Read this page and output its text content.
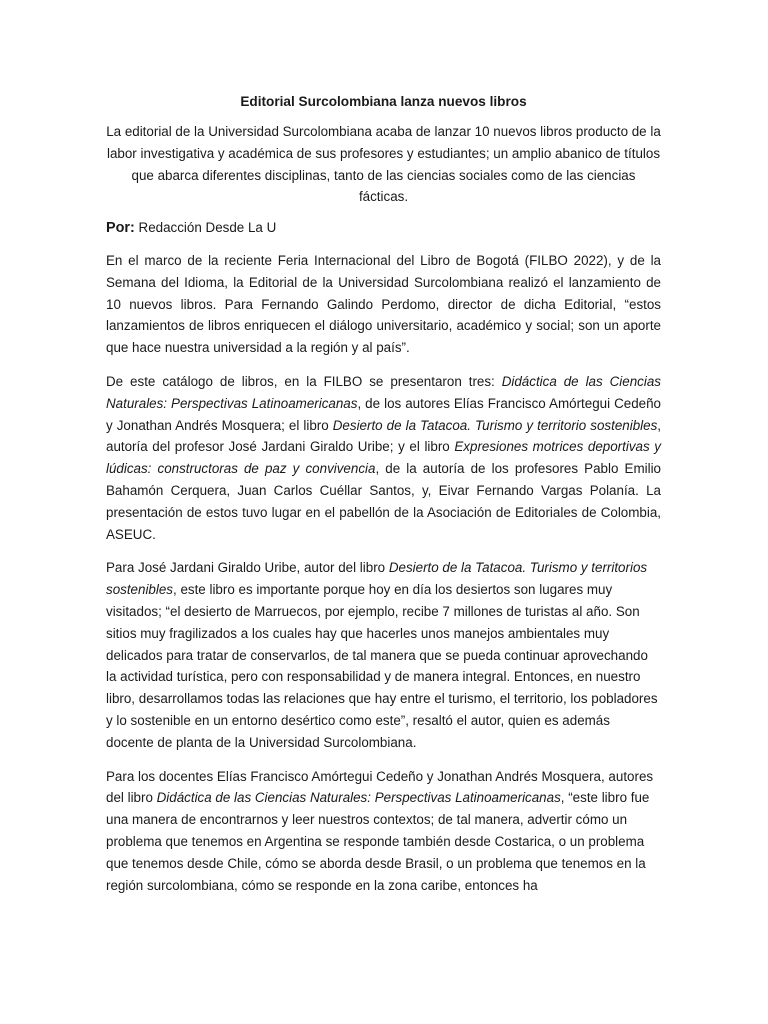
Editorial Surcolombiana lanza nuevos libros

La editorial de la Universidad Surcolombiana acaba de lanzar 10 nuevos libros producto de la labor investigativa y académica de sus profesores y estudiantes; un amplio abanico de títulos que abarca diferentes disciplinas, tanto de las ciencias sociales como de las ciencias fácticas.

Por: Redacción Desde La U

En el marco de la reciente Feria Internacional del Libro de Bogotá (FILBO 2022), y de la Semana del Idioma, la Editorial de la Universidad Surcolombiana realizó el lanzamiento de 10 nuevos libros. Para Fernando Galindo Perdomo, director de dicha Editorial, “estos lanzamientos de libros enriquecen el diálogo universitario, académico y social; son un aporte que hace nuestra universidad a la región y al país”.

De este catálogo de libros, en la FILBO se presentaron tres: Didáctica de las Ciencias Naturales: Perspectivas Latinoamericanas, de los autores Elías Francisco Amórtegui Cedeño y Jonathan Andrés Mosquera; el libro Desierto de la Tatacoa. Turismo y territorio sostenibles, autoría del profesor José Jardani Giraldo Uribe; y el libro Expresiones motrices deportivas y lúdicas: constructoras de paz y convivencia, de la autoría de los profesores Pablo Emilio Bahamón Cerquera, Juan Carlos Cuéllar Santos, y, Eivar Fernando Vargas Polanía. La presentación de estos tuvo lugar en el pabellón de la Asociación de Editoriales de Colombia, ASEUC.

Para José Jardani Giraldo Uribe, autor del libro Desierto de la Tatacoa. Turismo y territorios sostenibles, este libro es importante porque hoy en día los desiertos son lugares muy visitados; “el desierto de Marruecos, por ejemplo, recibe 7 millones de turistas al año. Son sitios muy fragilizados a los cuales hay que hacerles unos manejos ambientales muy delicados para tratar de conservarlos, de tal manera que se pueda continuar aprovechando la actividad turística, pero con responsabilidad y de manera integral. Entonces, en nuestro libro, desarrollamos todas las relaciones que hay entre el turismo, el territorio, los pobladores y lo sostenible en un entorno desértico como este”, resaltó el autor, quien es además docente de planta de la Universidad Surcolombiana.

Para los docentes Elías Francisco Amórtegui Cedeño y Jonathan Andrés Mosquera, autores del libro Didáctica de las Ciencias Naturales: Perspectivas Latinoamericanas, “este libro fue una manera de encontrarnos y leer nuestros contextos; de tal manera, advertir cómo un problema que tenemos en Argentina se responde también desde Costarica, o un problema que tenemos desde Chile, cómo se aborda desde Brasil, o un problema que tenemos en la región surcolombiana, cómo se responde en la zona caribe, entonces ha
